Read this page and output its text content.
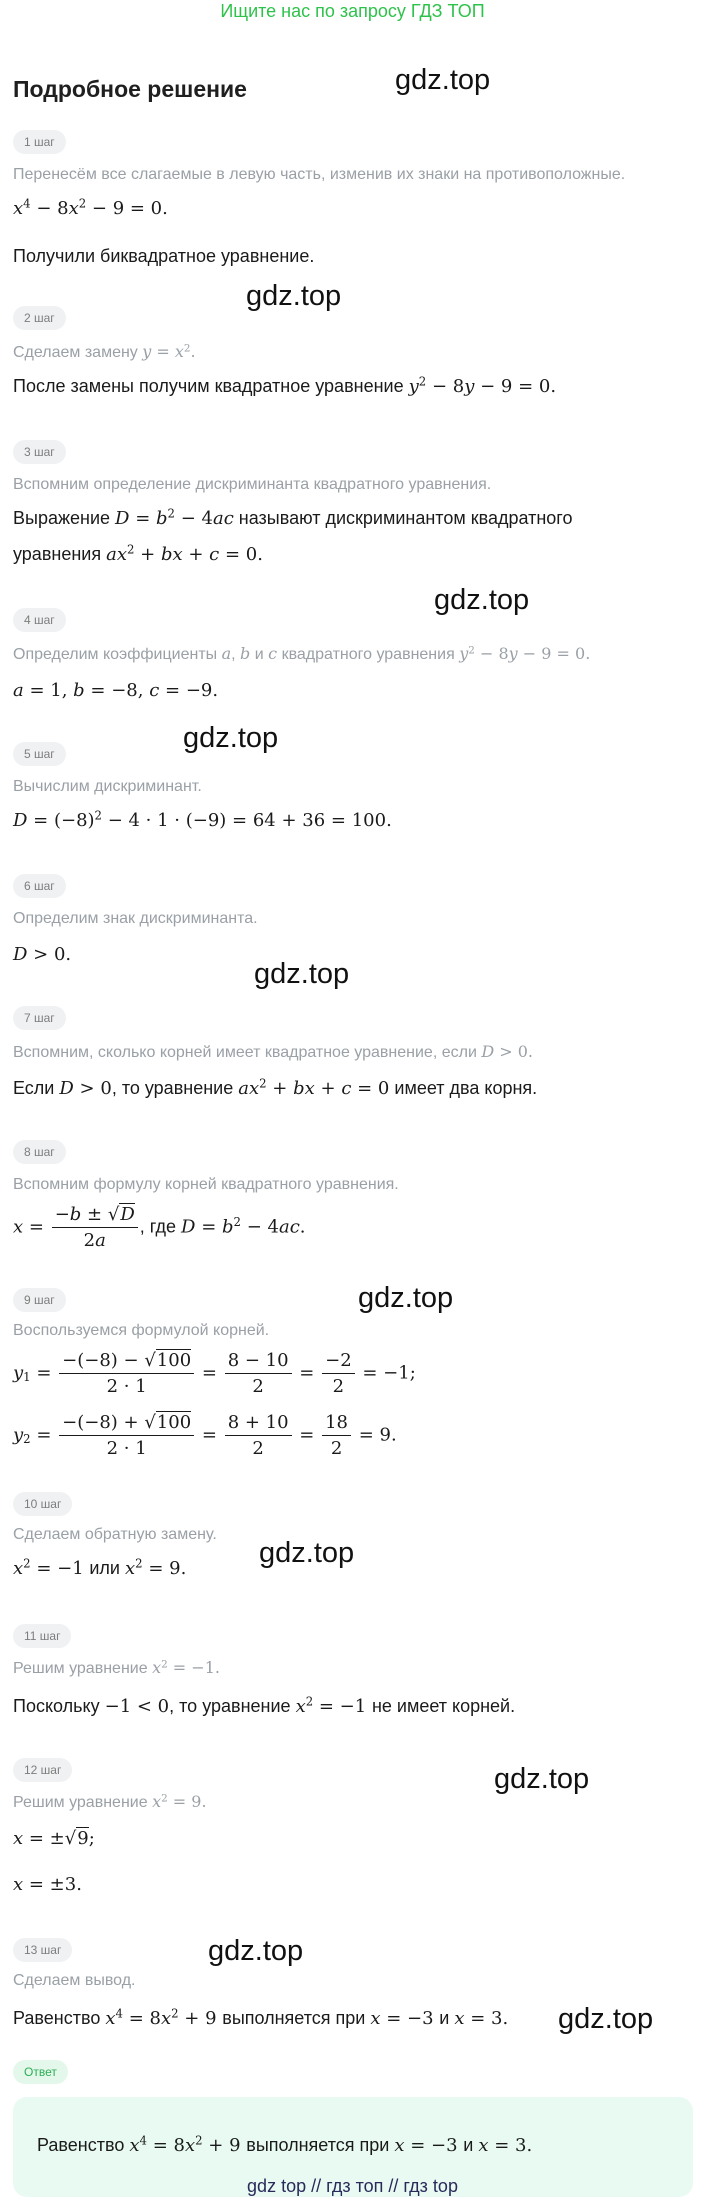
Ищите нас по запросу ГДЗ ТОП
Подробное решение	gdz.top
gdz.top
gdz.top
gdz.top
gdz.top
gdz.top
gdz.top
gdz.top
gdz.top
gdz.top
1 шаг
Перенесём все слагаемые в левую часть, изменив их знаки на противоположные.
$x^4 - 8x^2 - 9 = 0$.
Получили биквадратное уравнение.
2 шаг
Сделаем замену $y = x^2$.
После замены получим квадратное уравнение $y^2 - 8y - 9 = 0$.
3 шаг
Вспомним определение дискриминанта квадратного уравнения.
Выражение $D = b^2 - 4ac$ называют дискриминантом квадратного
уравнения $ax^2$ + bx + c = 0.
4 шаг
Определим коэффициенты a, b и c квадратного уравнения $y^2 - 8y - 9 = 0$.
a = 1, b = −8, c = −9.
5 шаг
Вычислим дискриминант.
$D = (-8)^2 - 4 \cdot 1 \cdot (-9) = 64 + 36 = 100$.
6 шаг
Определим знак дискриминанта.
D > 0.
7 шаг
Вспомним, сколько корней имеет квадратное уравнение, если D > 0.
Если D > 0, то уравнение $ax^2$ + bx + c = 0 имеет два корня.
8 шаг
Вспомним формулу корней квадратного уравнения.
$x = \frac{-b \pm √D}{2a}$ , где $D = b^2 - 4ac$.
9 шаг
Воспользуемся формулой корней.
$y_1 = \frac{-(-8) - √100}{2 \cdot 1} = \frac{8 - 10}{2} = \frac{-2}{2} = -1$;
$y_2 = \frac{-(-8) + √100}{2 \cdot 1} = \frac{8 + 10}{2} = \frac{18}{2} = 9$.
10 шаг
Сделаем обратную замену.
$x^2 = -1$ или $x^2 = 9$.
11 шаг
Решим уравнение $x^2 = -1$.
Поскольку −1 < 0, то уравнение $x^2 = -1$ не имеет корней.
12 шаг
Решим уравнение $x^2 = 9$.
x = ±√9;
x = ±3.
13 шаг
Сделаем вывод.
Равенство $x^4 = 8x^2 + 9$ выполняется при x = −3 и x = 3.
Ответ
Равенство $x^4 = 8x^2 + 9$ выполняется при x = −3 и x = 3.
gdz top // гдз топ // гдз top
